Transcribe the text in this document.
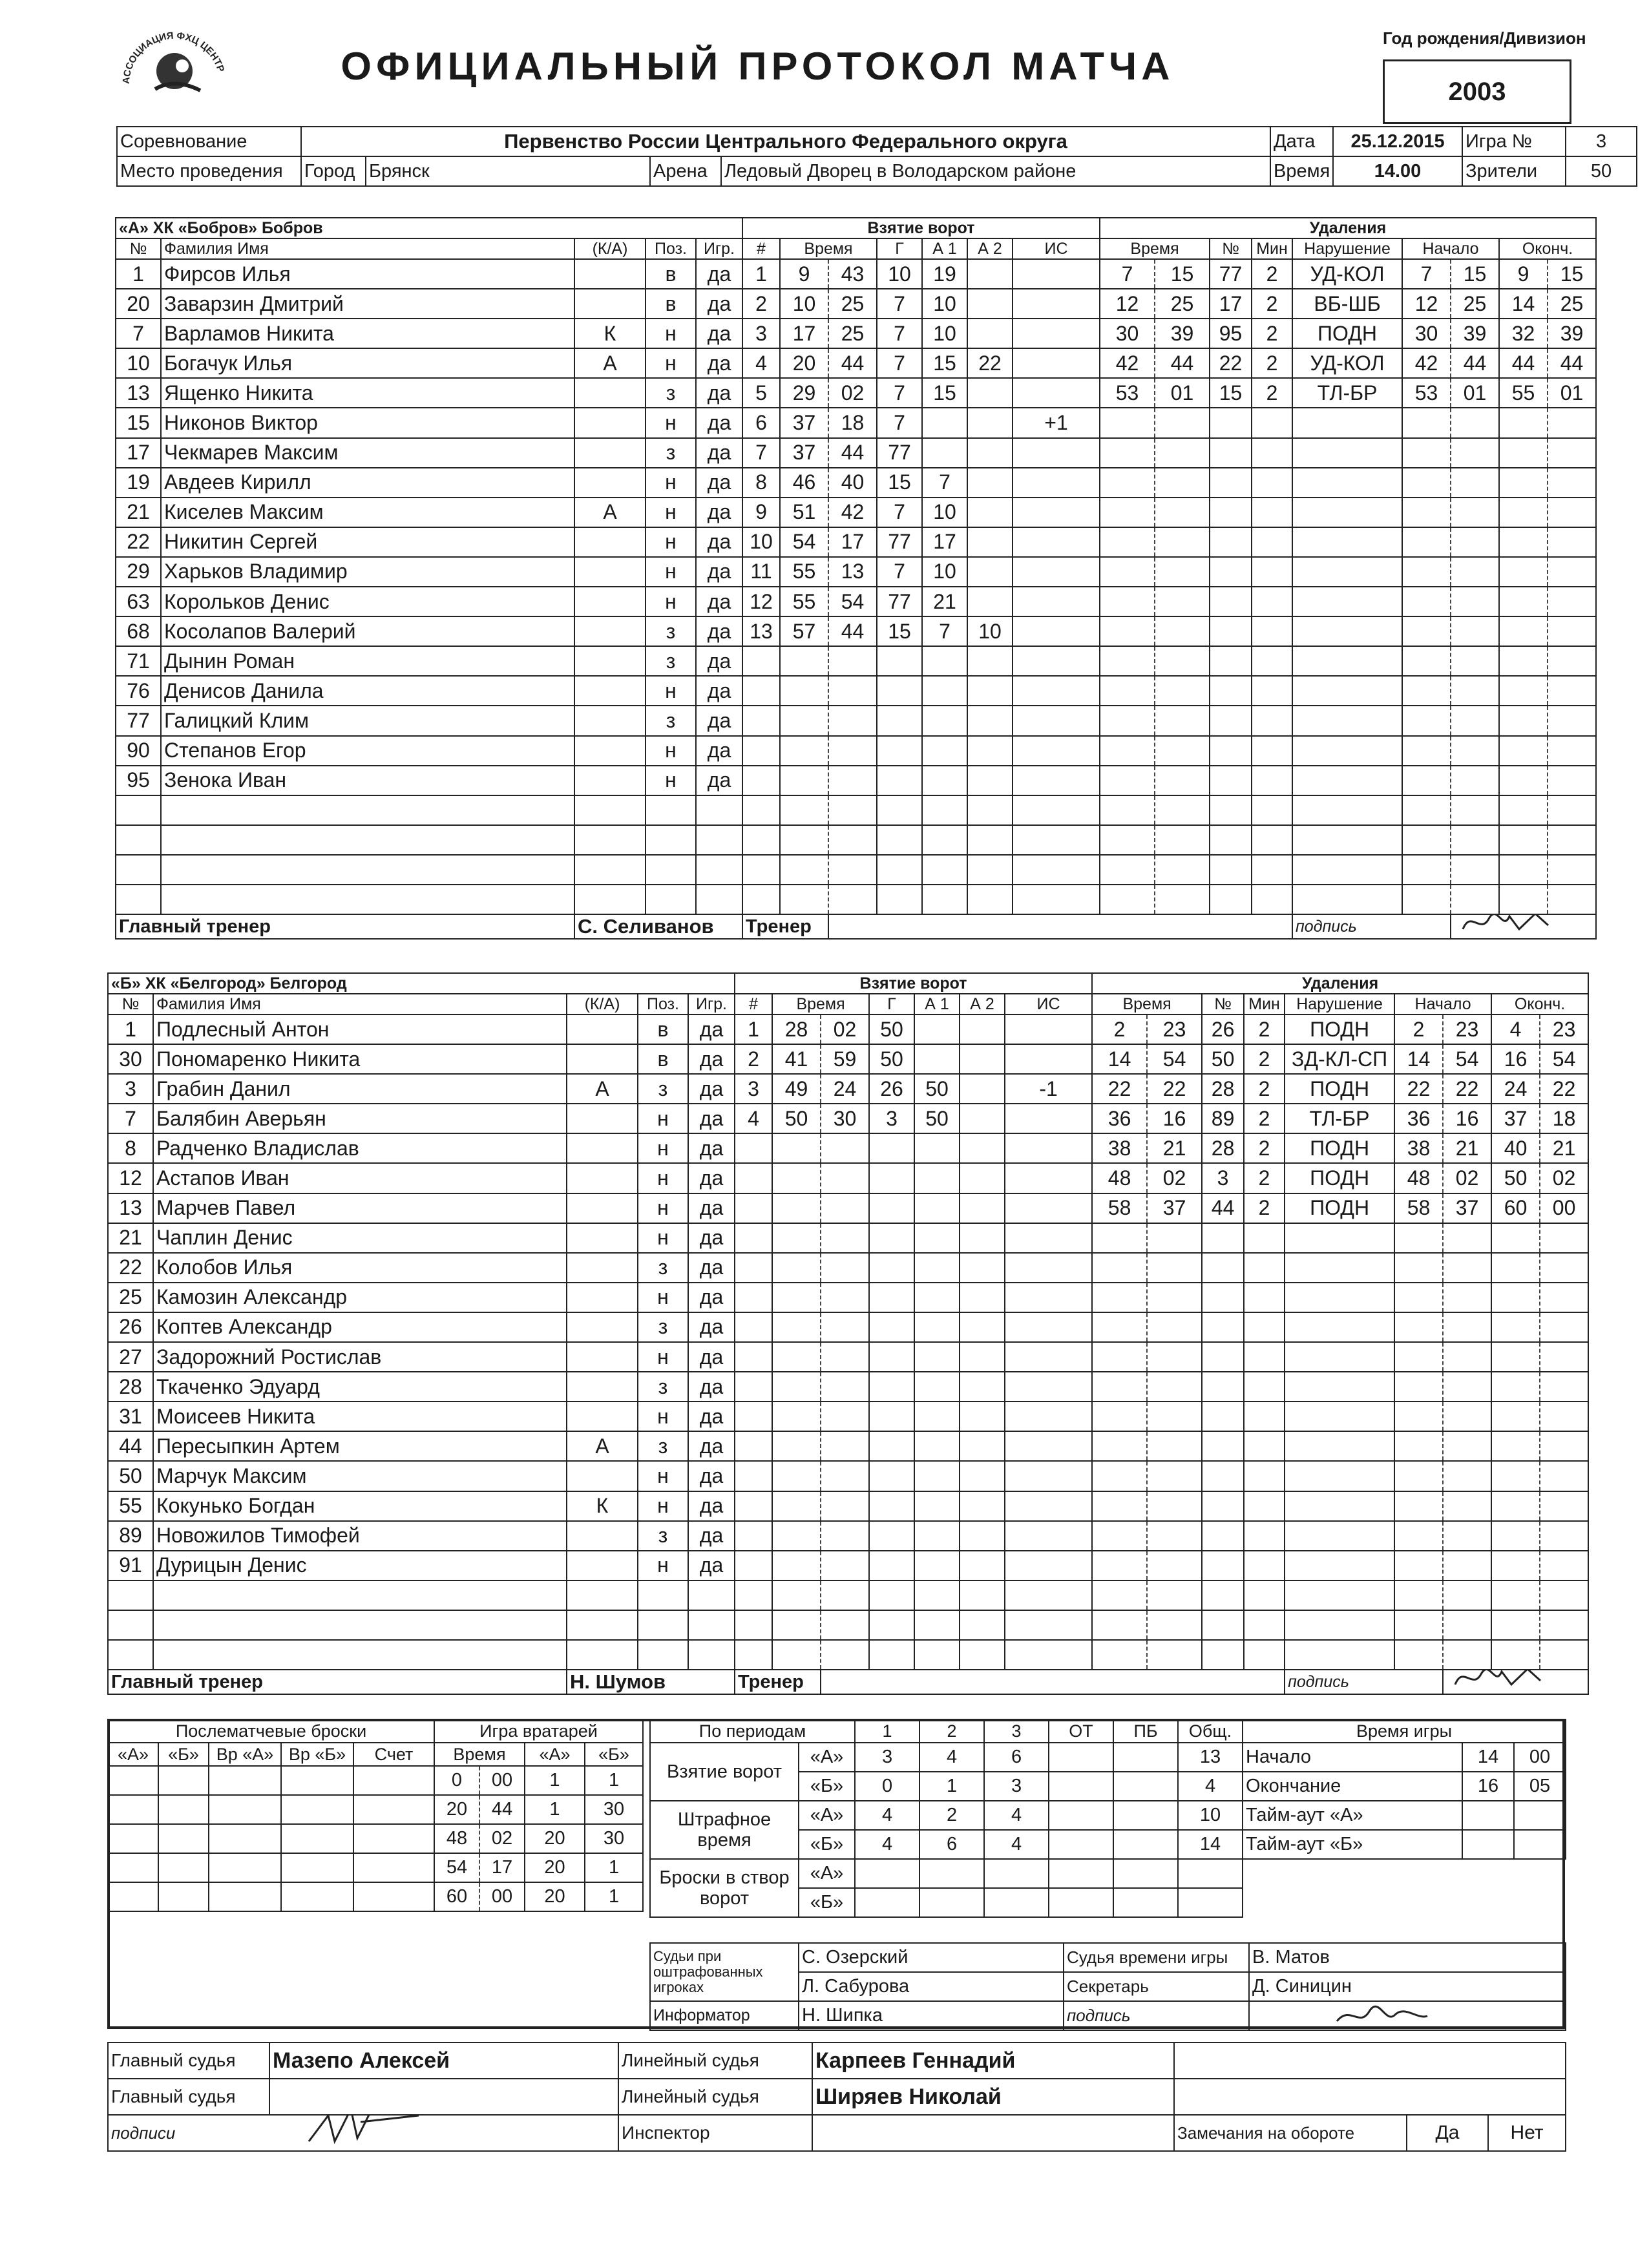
АССОЦИАЦИЯ ФХЦ ЦЕНТР	ОФИЦИАЛЬНЫЙ ПРОТОКОЛ МАТЧА
Год рождения/Дивизион
2003
Соревнование	Первенство России Центрального Федерального округа				Дата	25.12.2015	Игра №	3
Место проведения	Город	Брянск	Арена	Ледовый Дворец в Володарском районе	Время	14.00	Зрители	50
«А» ХК «Бобров» Бобров					Взятие ворот							Удаления								
№	Фамилия Имя	(К/А)	Поз.	Игр.	#	Время		Г	А 1	А 2	ИС	Время		№	Мин	Нарушение	Начало		Оконч.	
1	Фирсов Илья		в	да	1	9	43	10	19			7	15	77	2	УД-КОЛ	7	15	9	15
20	Заварзин Дмитрий		в	да	2	10	25	7	10			12	25	17	2	ВБ-ШБ	12	25	14	25
7	Варламов Никита	К	н	да	3	17	25	7	10			30	39	95	2	ПОДН	30	39	32	39
10	Богачук Илья	А	н	да	4	20	44	7	15	22		42	44	22	2	УД-КОЛ	42	44	44	44
13	Ященко Никита		з	да	5	29	02	7	15			53	01	15	2	ТЛ-БР	53	01	55	01
15	Никонов Виктор		н	да	6	37	18	7			+1									
17	Чекмарев Максим		з	да	7	37	44	77												
19	Авдеев Кирилл		н	да	8	46	40	15	7											
21	Киселев Максим	А	н	да	9	51	42	7	10											
22	Никитин Сергей		н	да	10	54	17	77	17											
29	Харьков Владимир		н	да	11	55	13	7	10											
63	Корольков Денис		н	да	12	55	54	77	21											
68	Косолапов Валерий		з	да	13	57	44	15	7	10										
71	Дынин Роман		з	да																
76	Денисов Данила		н	да																
77	Галицкий Клим		з	да																
90	Степанов Егор		н	да																
95	Зенока Иван		н	да																

Главный тренер		С. Селиванов			Тренер											подпись	
«Б» ХК «Белгород» Белгород					Взятие ворот							Удаления								
№	Фамилия Имя	(К/А)	Поз.	Игр.	#	Время		Г	А 1	А 2	ИС	Время		№	Мин	Нарушение	Начало		Оконч.	
1	Подлесный Антон		в	да	1	28	02	50				2	23	26	2	ПОДН	2	23	4	23
30	Пономаренко Никита		в	да	2	41	59	50				14	54	50	2	ЗД-КЛ-СП	14	54	16	54
3	Грабин Данил	А	з	да	3	49	24	26	50		-1	22	22	28	2	ПОДН	22	22	24	22
7	Балябин Аверьян		н	да	4	50	30	3	50			36	16	89	2	ТЛ-БР	36	16	37	18
8	Радченко Владислав		н	да								38	21	28	2	ПОДН	38	21	40	21
12	Астапов Иван		н	да								48	02	3	2	ПОДН	48	02	50	02
13	Марчев Павел		н	да								58	37	44	2	ПОДН	58	37	60	00
21	Чаплин Денис		н	да																
22	Колобов Илья		з	да																
25	Камозин Александр		н	да																
26	Коптев Александр		з	да																
27	Задорожний Ростислав		н	да																
28	Ткаченко Эдуард		з	да																
31	Моисеев Никита		н	да																
44	Пересыпкин Артем	А	з	да																
50	Марчук Максим		н	да																
55	Кокунько Богдан	К	н	да																
89	Новожилов Тимофей		з	да																
91	Дурицын Денис		н	да																

Главный тренер		Н. Шумов			Тренер											подпись	
Послематчевые броски				
«А»	«Б»	Вр «А»	Вр «Б»	Счет

Игра вратарей			
Время		«А»	«Б»
0	00	1	1
20	44	1	30
48	02	20	30
54	17	20	1
60	00	20	1
По периодам		1	2	3	ОТ	ПБ	Общ.
Взятие ворот	«А»	3	4	6			13
	«Б»	0	1	3			4
Штрафное время	«А»	4	2	4			10
	«Б»	4	6	4			14
Броски в створ ворот	«А»						
	«Б»						
Время игры		
Начало	14	00
Окончание	16	05
Тайм-аут «А»		
Тайм-аут «Б»		
Судьи при оштрафованных игроках	С. Озерский	Судья времени игры	В. Матов
	Л. Сабурова	Секретарь	Д. Синицин
Информатор	Н. Шипка	подпись	
Главный судья	Мазепо Алексей	Линейный судья	Карпеев Геннадий			
Главный судья		Линейный судья	Ширяев Николай			
подписи		Инспектор		Замечания на обороте	Да	Нет
